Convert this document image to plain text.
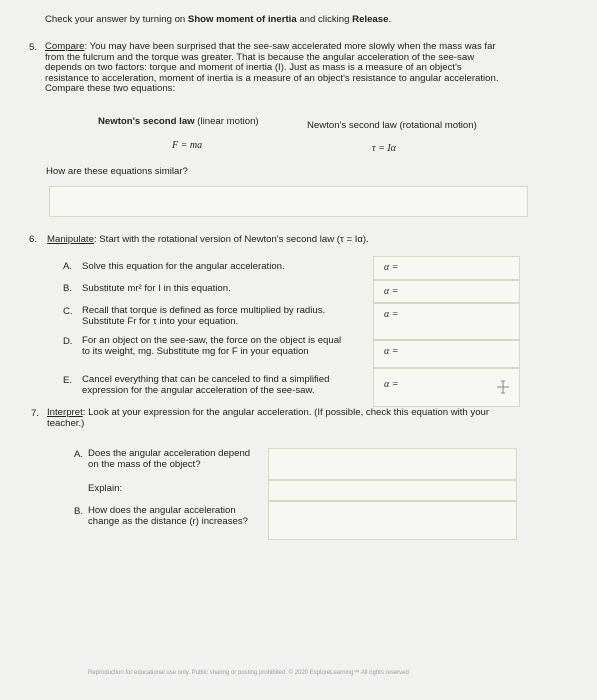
Check your answer by turning on Show moment of inertia and clicking Release.
5. Compare: You may have been surprised that the see-saw accelerated more slowly when the mass was far
from the fulcrum and the torque was greater. That is because the angular acceleration of the see-saw
depends on two factors: torque and moment of inertia (I). Just as mass is a measure of an object's
resistance to acceleration, moment of inertia is a measure of an object's resistance to angular acceleration.
Compare these two equations:
Newton's second law (linear motion)	Newton's second law (rotational motion)
F = ma	τ = Iα
How are these equations similar?
6. Manipulate: Start with the rotational version of Newton's second law (τ = Iα).
A. Solve this equation for the angular acceleration.	α =
B. Substitute mr² for I in this equation.	α =
C. Recall that torque is defined as force multiplied by radius.
Substitute Fr for τ into your equation.
α =
D. For an object on the see-saw, the force on the object is equal
to its weight, mg. Substitute mg for F in your equation	α =
E. Cancel everything that can be canceled to find a simplified
expression for the angular acceleration of the see-saw.	α =
7. Interpret: Look at your expression for the angular acceleration. (If possible, check this equation with your
teacher.)
A. Does the angular acceleration depend
on the mass of the object?
Explain:
B. How does the angular acceleration
change as the distance (r) increases?
Reproduction for educational use only. Public sharing or posting prohibited. © 2020 ExploreLearning™ All rights reserved
